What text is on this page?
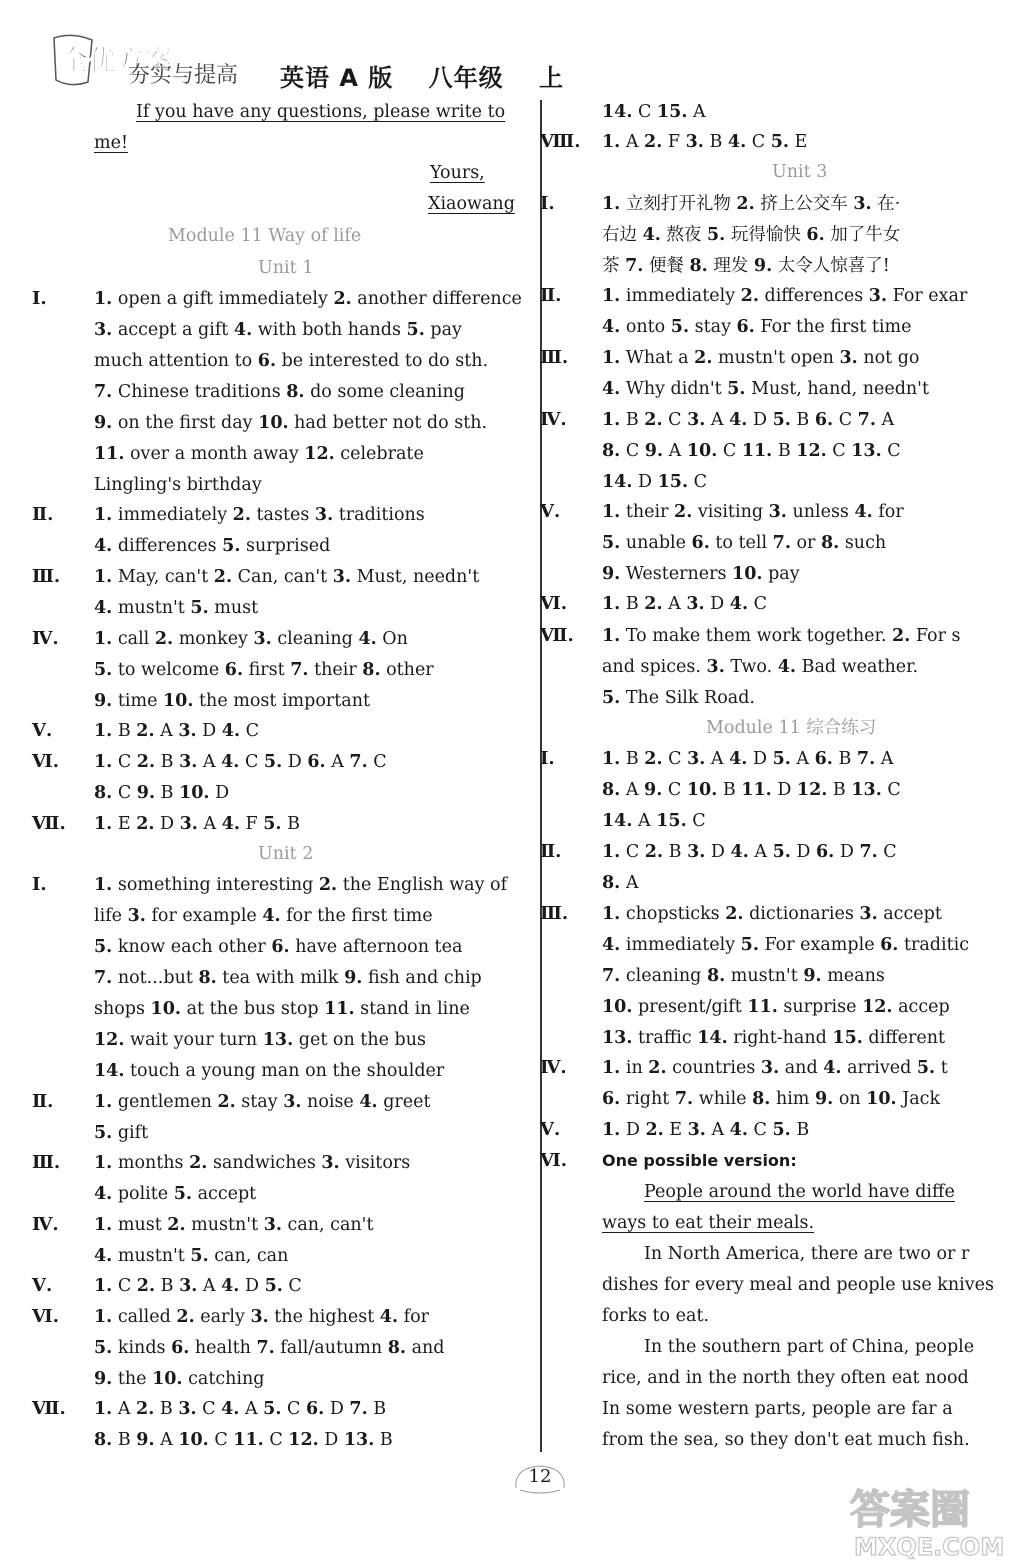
全优方案
夯实与提高 英语 A 版 八年级 上
If you have any questions, please write to
me!
Yours,
Xiaowang
Module 11 Way of life
Unit 1
Ⅰ.	1. open a gift immediately 2. another difference
3. accept a gift 4. with both hands 5. pay
much attention to 6. be interested to do sth.
7. Chinese traditions 8. do some cleaning
9. on the first day 10. had better not do sth.
11. over a month away 12. celebrate
Lingling's birthday
Ⅱ. 1. immediately 2. tastes 3. traditions
4. differences 5. surprised
Ⅲ. 1. May, can't 2. Can, can't 3. Must, needn't
4. mustn't 5. must
Ⅳ. 1. call 2. monkey 3. cleaning 4. On
5. to welcome 6. first 7. their 8. other
9. time 10. the most important
Ⅴ. 1. B 2. A 3. D 4. C
Ⅵ. 1. C 2. B 3. A 4. C 5. D 6. A 7. C
8. C 9. B 10. D
Ⅶ. 1. E 2. D 3. A 4. F 5. B
Unit 2
Ⅰ.	1. something interesting 2. the English way of
life 3. for example 4. for the first time
5. know each other 6. have afternoon tea
7. not...but 8. tea with milk 9. fish and chip
shops 10. at the bus stop 11. stand in line
12. wait your turn 13. get on the bus
14. touch a young man on the shoulder
Ⅱ. 1. gentlemen 2. stay 3. noise 4. greet
5. gift
Ⅲ. 1. months 2. sandwiches 3. visitors
4. polite 5. accept
Ⅳ. 1. must 2. mustn't 3. can, can't
4. mustn't 5. can, can
Ⅴ. 1. C 2. B 3. A 4. D 5. C
Ⅵ. 1. called 2. early 3. the highest 4. for
5. kinds 6. health 7. fall/autumn 8. and
9. the 10. catching
Ⅶ. 1. A 2. B 3. C 4. A 5. C 6. D 7. B
8. B 9. A 10. C 11. C 12. D 13. B
14. C 15. A
Ⅷ. 1. A 2. F 3. B 4. C 5. E
Unit 3
Ⅰ.	1. 立刻打开礼物 2. 挤上公交车 3. 在·
右边 4. 熬夜 5. 玩得愉快 6. 加了牛女
茶 7. 便餐 8. 理发 9. 太令人惊喜了!
Ⅱ. 1. immediately 2. differences 3. For exar
4. onto 5. stay 6. For the first time
Ⅲ. 1. What a 2. mustn't open 3. not go
4. Why didn't 5. Must, hand, needn't
Ⅳ. 1. B 2. C 3. A 4. D 5. B 6. C 7. A
8. C 9. A 10. C 11. B 12. C 13. C
14. D 15. C
Ⅴ. 1. their 2. visiting 3. unless 4. for
5. unable 6. to tell 7. or 8. such
9. Westerners 10. pay
Ⅵ. 1. B 2. A 3. D 4. C
Ⅶ. 1. To make them work together. 2. For s
and spices. 3. Two. 4. Bad weather.
5. The Silk Road.
Module 11 综合练习
Ⅰ.	1. B 2. C 3. A 4. D 5. A 6. B 7. A
8. A 9. C 10. B 11. D 12. B 13. C
14. A 15. C
Ⅱ. 1. C 2. B 3. D 4. A 5. D 6. D 7. C
8. A
Ⅲ. 1. chopsticks 2. dictionaries 3. accept
4. immediately 5. For example 6. traditic
7. cleaning 8. mustn't 9. means
10. present/gift 11. surprise 12. accep
13. traffic 14. right-hand 15. different
Ⅳ. 1. in 2. countries 3. and 4. arrived 5. t
6. right 7. while 8. him 9. on 10. Jack
Ⅴ. 1. D 2. E 3. A 4. C 5. B
Ⅵ. One possible version:
People around the world have diffe
ways to eat their meals.
In North America, there are two or r
dishes for every meal and people use knives
forks to eat.
In the southern part of China, people
rice, and in the north they often eat nood
In some western parts, people are far a
from the sea, so they don't eat much fish.
12
答案圈
MXQE.COM
